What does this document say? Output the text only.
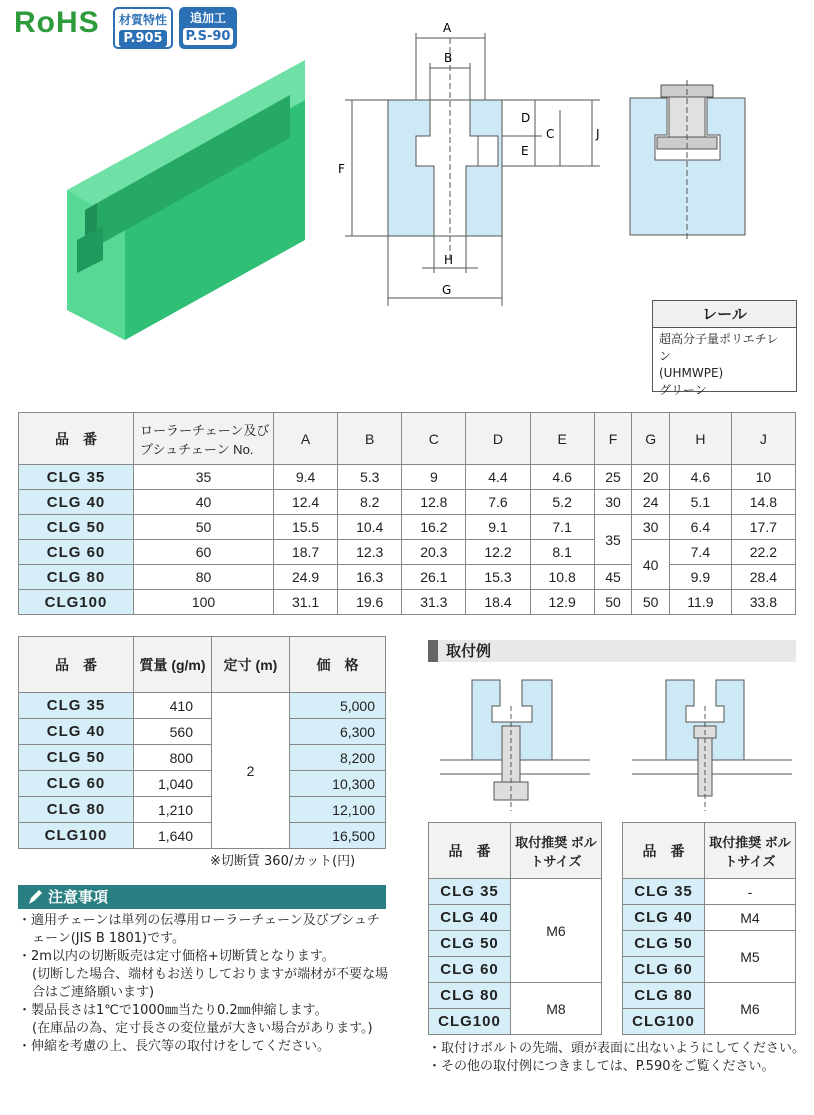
RoHS	材質特性
P.905
追加工
P.S-90
A
B
C
D
E
F
G
H
J
レール
超高分子量ポリエチレン
(UHMWPE)
グリーン
品　番	ローラーチェーン及び ブシュチェーン No.	A	B	C	D	E	F	G	H	J
CLG 35	35	9.4	5.3	9	4.4	4.6	25	20	4.6	10
CLG 40	40	12.4	8.2	12.8	7.6	5.2	30	24	5.1	14.8
CLG 50	50	15.5	10.4	16.2	9.1	7.1	35	30	6.4	17.7
CLG 60	60	18.7	12.3	20.3	12.2	8.1		40	7.4	22.2
CLG 80	80	24.9	16.3	26.1	15.3	10.8	45		9.9	28.4
CLG100	100	31.1	19.6	31.3	18.4	12.9	50	50	11.9	33.8
品　番	質量 (g/m)	定寸 (m)	価　格
CLG 35	410	2	5,000
CLG 40	560		6,300
CLG 50	800		8,200
CLG 60	1,040		10,300
CLG 80	1,210		12,100
CLG100	1,640		16,500
※切断賃 360/カット(円)
注意事項

・適用チェーンは単列の伝導用ローラーチェーン及びブシュチェーン(JIS B 1801)です。

・2m以内の切断販売は定寸価格+切断賃となります。

(切断した場合、端材もお送りしておりますが端材が不要な場合はご連絡願います)

・製品長さは1℃で1000㎜当たり0.2㎜伸縮します。

(在庫品の為、定寸長さの変位量が大きい場合があります。)

・伸縮を考慮の上、長穴等の取付けをしてください。

取付例
品　番	取付推奨 ボルトサイズ
CLG 35	M6
CLG 40	
CLG 50	
CLG 60	
CLG 80	M8
CLG100	
品　番	取付推奨 ボルトサイズ
CLG 35	-
CLG 40	M4
CLG 50	M5
CLG 60	
CLG 80	M6
CLG100	
・取付けボルトの先端、頭が表面に出ないようにしてください。
・その他の取付例につきましては、P.590をご覧ください。
